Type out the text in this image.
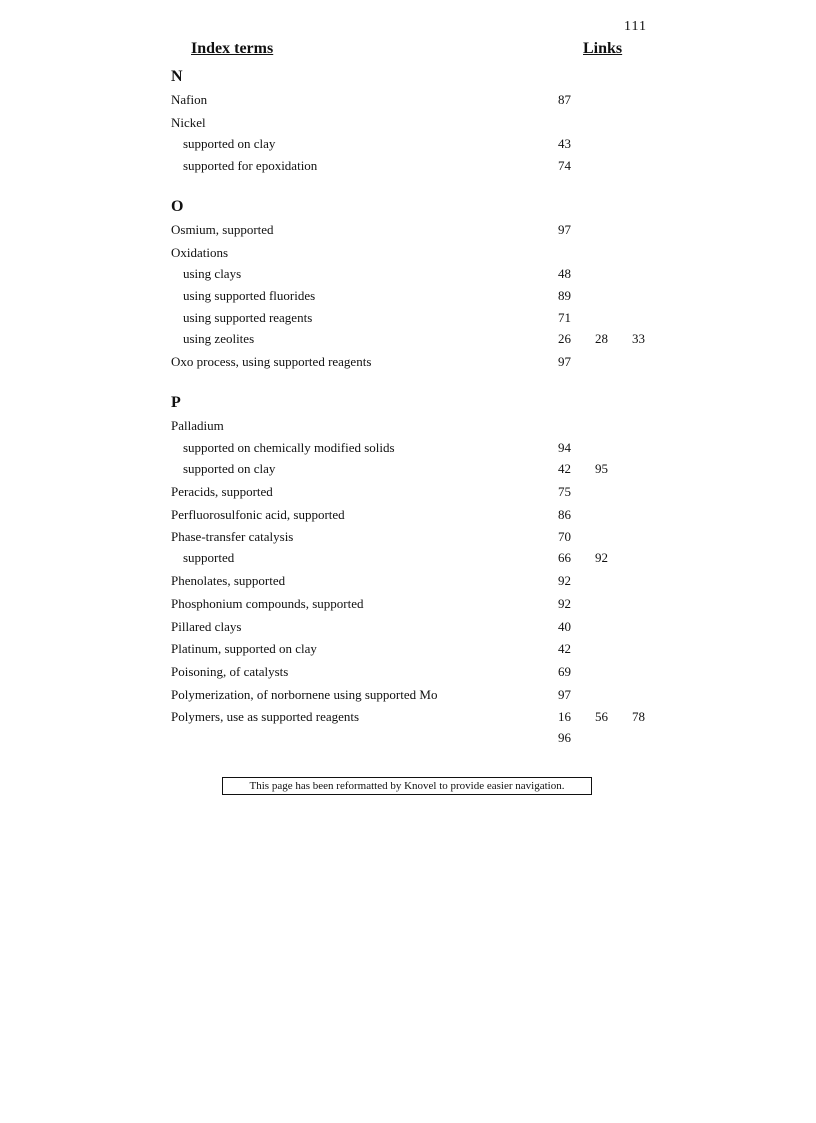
111
Index terms	Links
N
Nafion	87
Nickel
supported on clay	43
supported for epoxidation	74
O
Osmium, supported	97
Oxidations
using clays	48
using supported fluorides	89
using supported reagents	71
using zeolites	26 28 33
Oxo process, using supported reagents	97
P
Palladium
supported on chemically modified solids	94
supported on clay	42 95
Peracids, supported	75
Perfluorosulfonic acid, supported	86
Phase-transfer catalysis	70
supported	66 92
Phenolates, supported	92
Phosphonium compounds, supported	92
Pillared clays	40
Platinum, supported on clay	42
Poisoning, of catalysts	69
Polymerization, of norbornene using supported Mo	97
Polymers, use as supported reagents	16 56 78
96
This page has been reformatted by Knovel to provide easier navigation.
